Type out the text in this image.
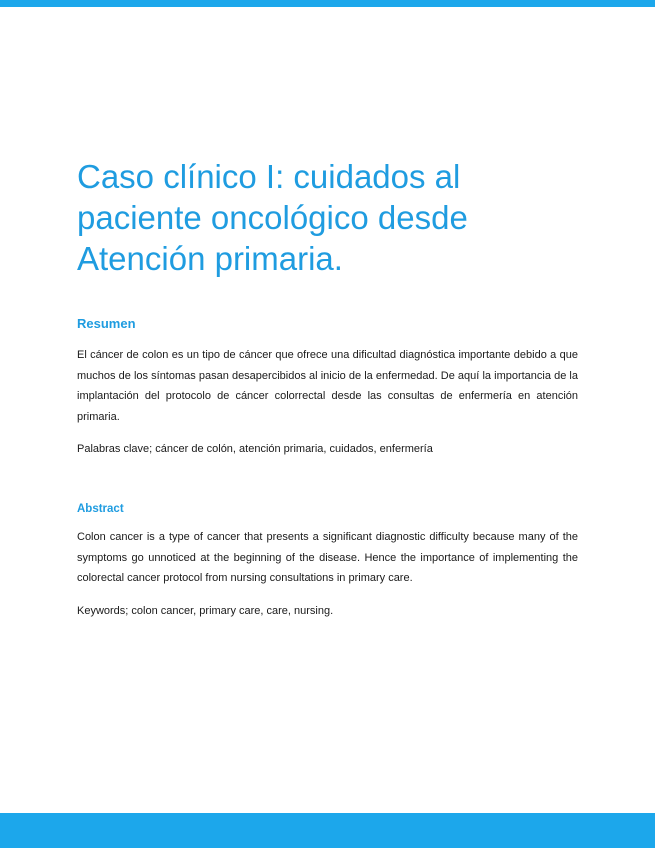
Caso clínico I: cuidados al paciente oncológico desde Atención primaria.
Resumen

El cáncer de colon es un tipo de cáncer que ofrece una dificultad diagnóstica importante debido a que muchos de los síntomas pasan desapercibidos al inicio de la enfermedad. De aquí la importancia de la implantación del protocolo de cáncer colorrectal desde las consultas de enfermería en atención primaria.

Palabras clave; cáncer de colón, atención primaria, cuidados, enfermería

Abstract

Colon cancer is a type of cancer that presents a significant diagnostic difficulty because many of the symptoms go unnoticed at the beginning of the disease. Hence the importance of implementing the colorectal cancer protocol from nursing consultations in primary care.

Keywords; colon cancer, primary care, care, nursing.
